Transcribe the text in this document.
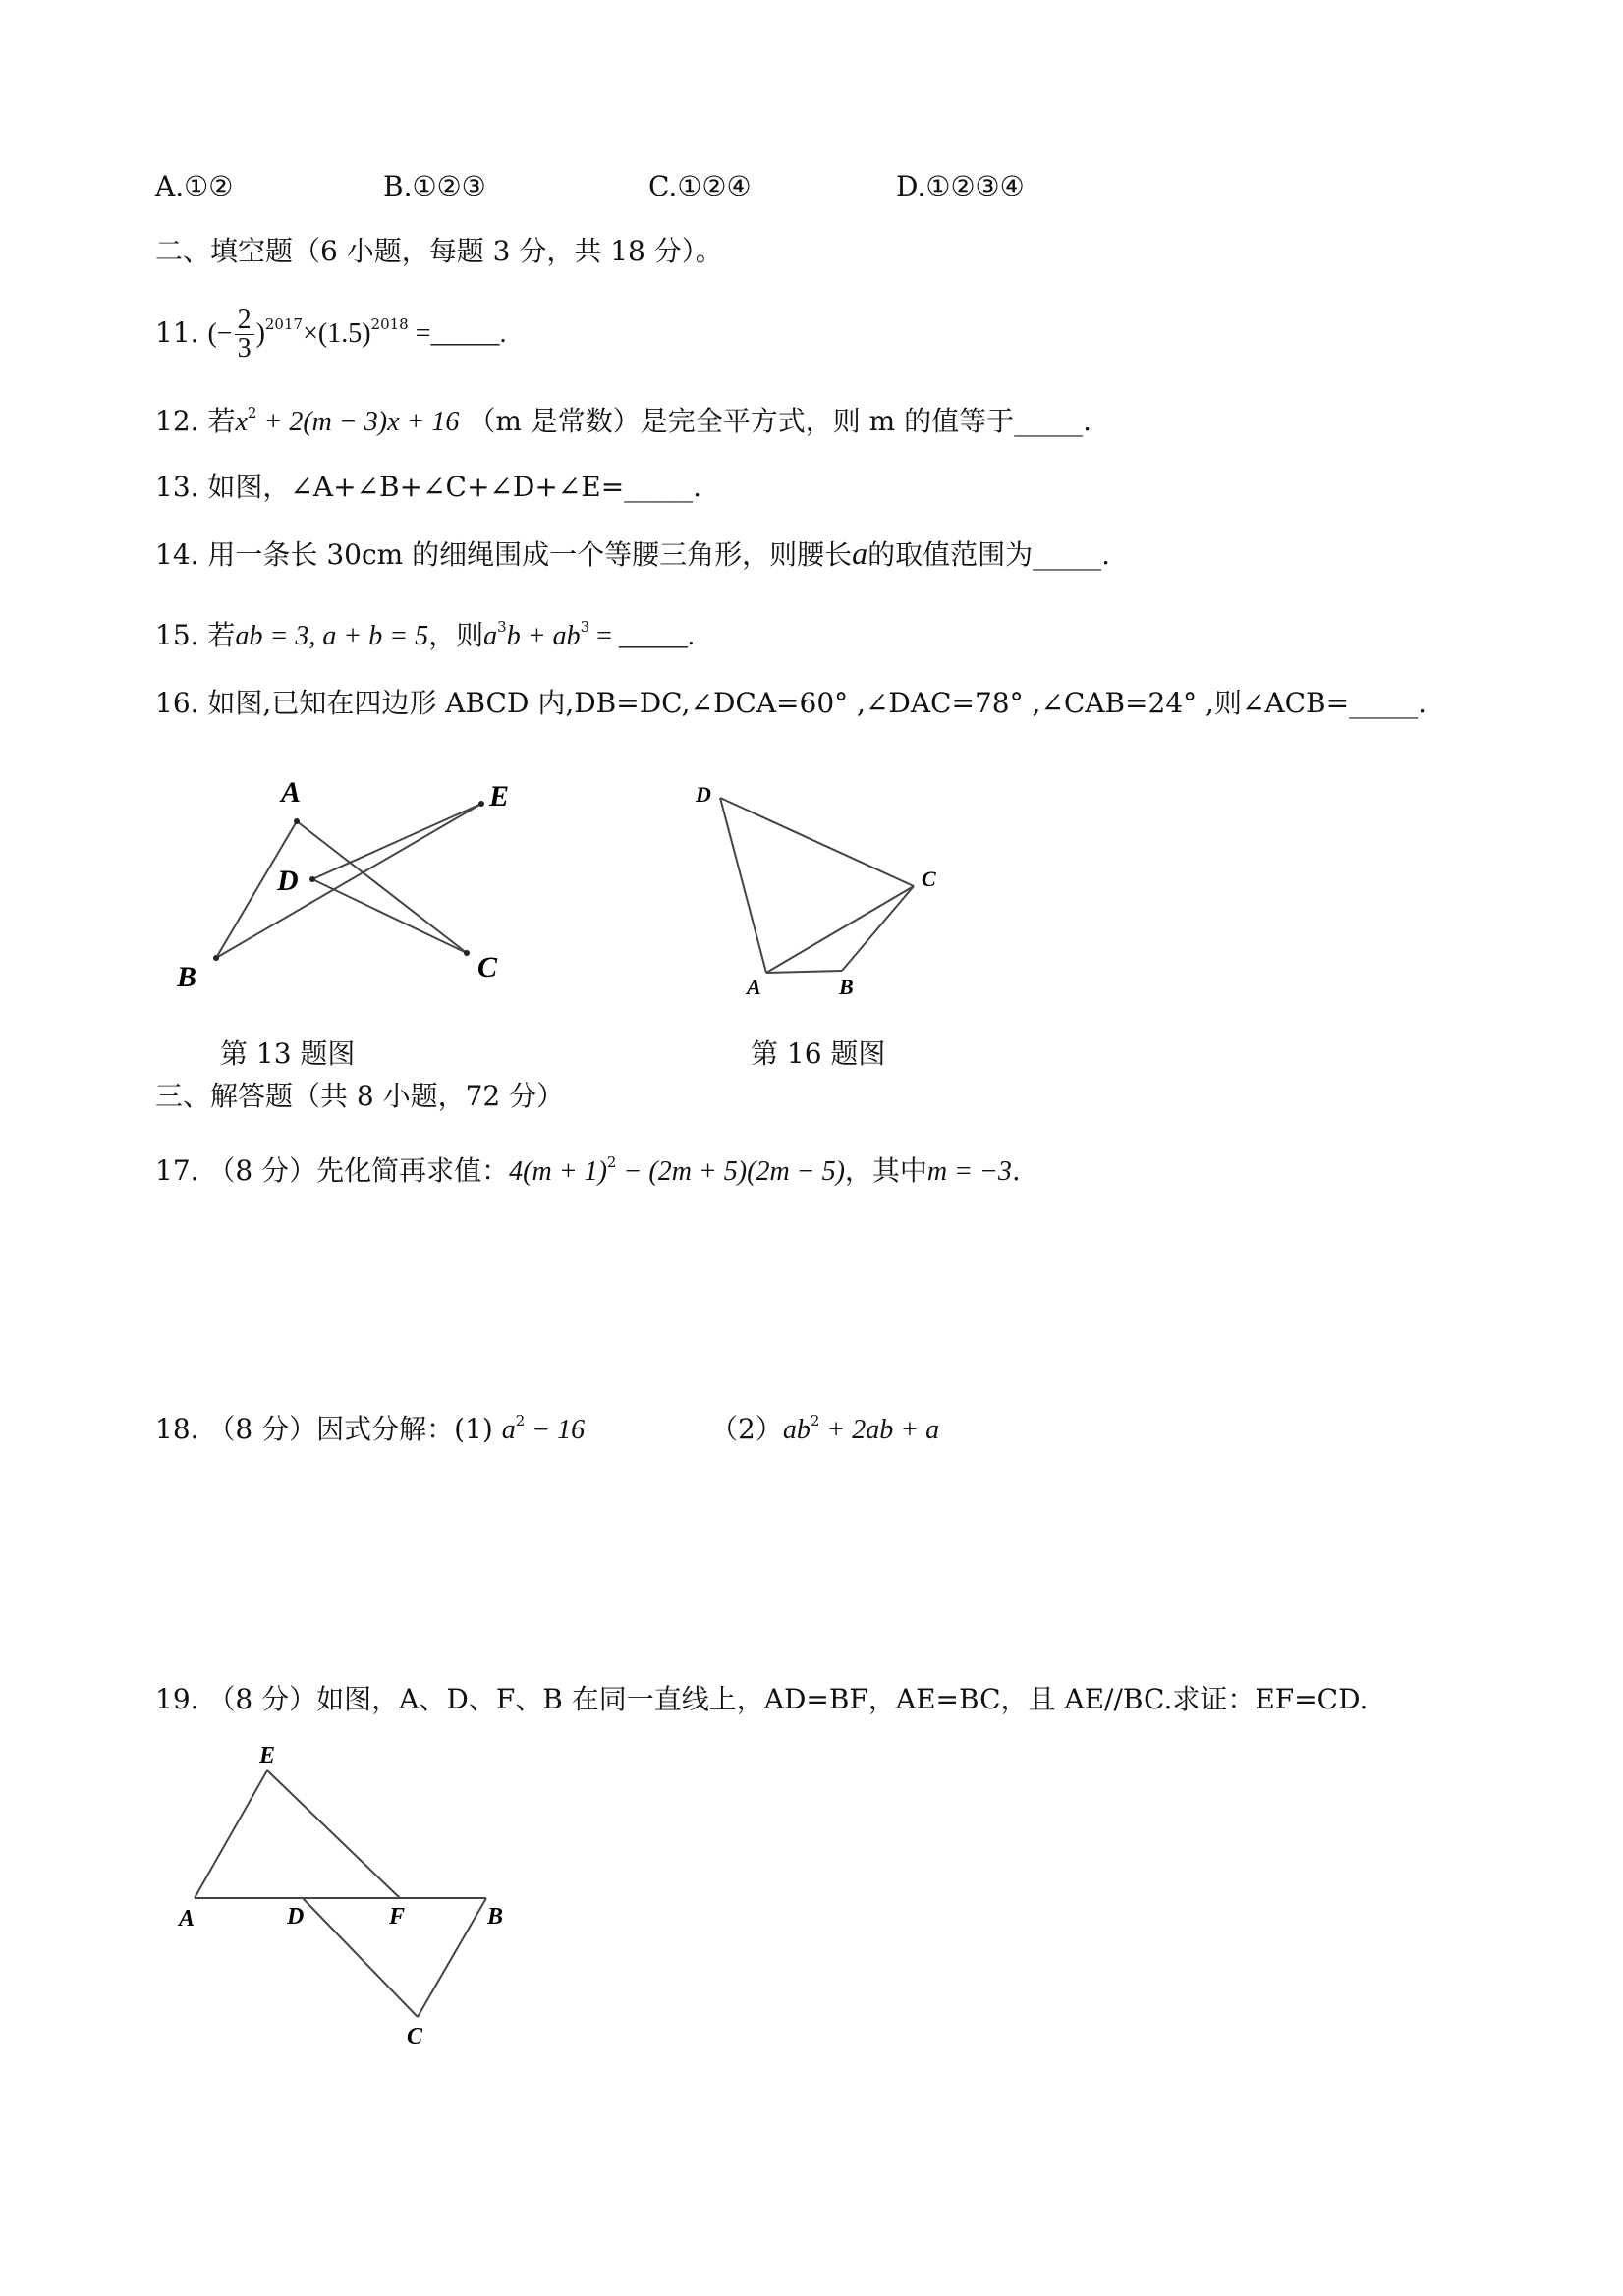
A.①②	B.①②③	C.①②④	D.①②③④
二、填空题（6 小题，每题 3 分，共 18 分）。
11. (− $\frac{2}{3} )^{2017}\times(1.5)^{2018}$ =_____.
12. 若$x^2 + 2(m - 3)x + 16$ （m 是常数）是完全平方式，则 m 的值等于_____.
13. 如图，∠A+∠B+∠C+∠D+∠E=_____.
14. 用一条长 30cm 的细绳围成一个等腰三角形，则腰长a的取值范围为_____.
15. 若ab = 3, a + b = 5，则$a^3b + ab^3$ = _____.
16. 如图,已知在四边形 ABCD 内,DB=DC,∠DCA=60° ,∠DAC=78° ,∠CAB=24° ,则∠ACB=_____.
A
B	C
D
E
第 13 题图
D
C
A	B
第 16 题图
三、解答题（共 8 小题，72 分）
17. （8 分）先化简再求值：$4(m + 1)^2 - (2m + 5)(2m - 5)$，其中m = −3.
18. （8 分）因式分解：(1) $a^2 - 16$	$(2)ab^2 + 2ab + a$
19. （8 分）如图，A、D、F、B 在同一直线上，AD=BF，AE=BC，且 AE//BC.求证：EF=CD.
E
A	D	F	B
C
